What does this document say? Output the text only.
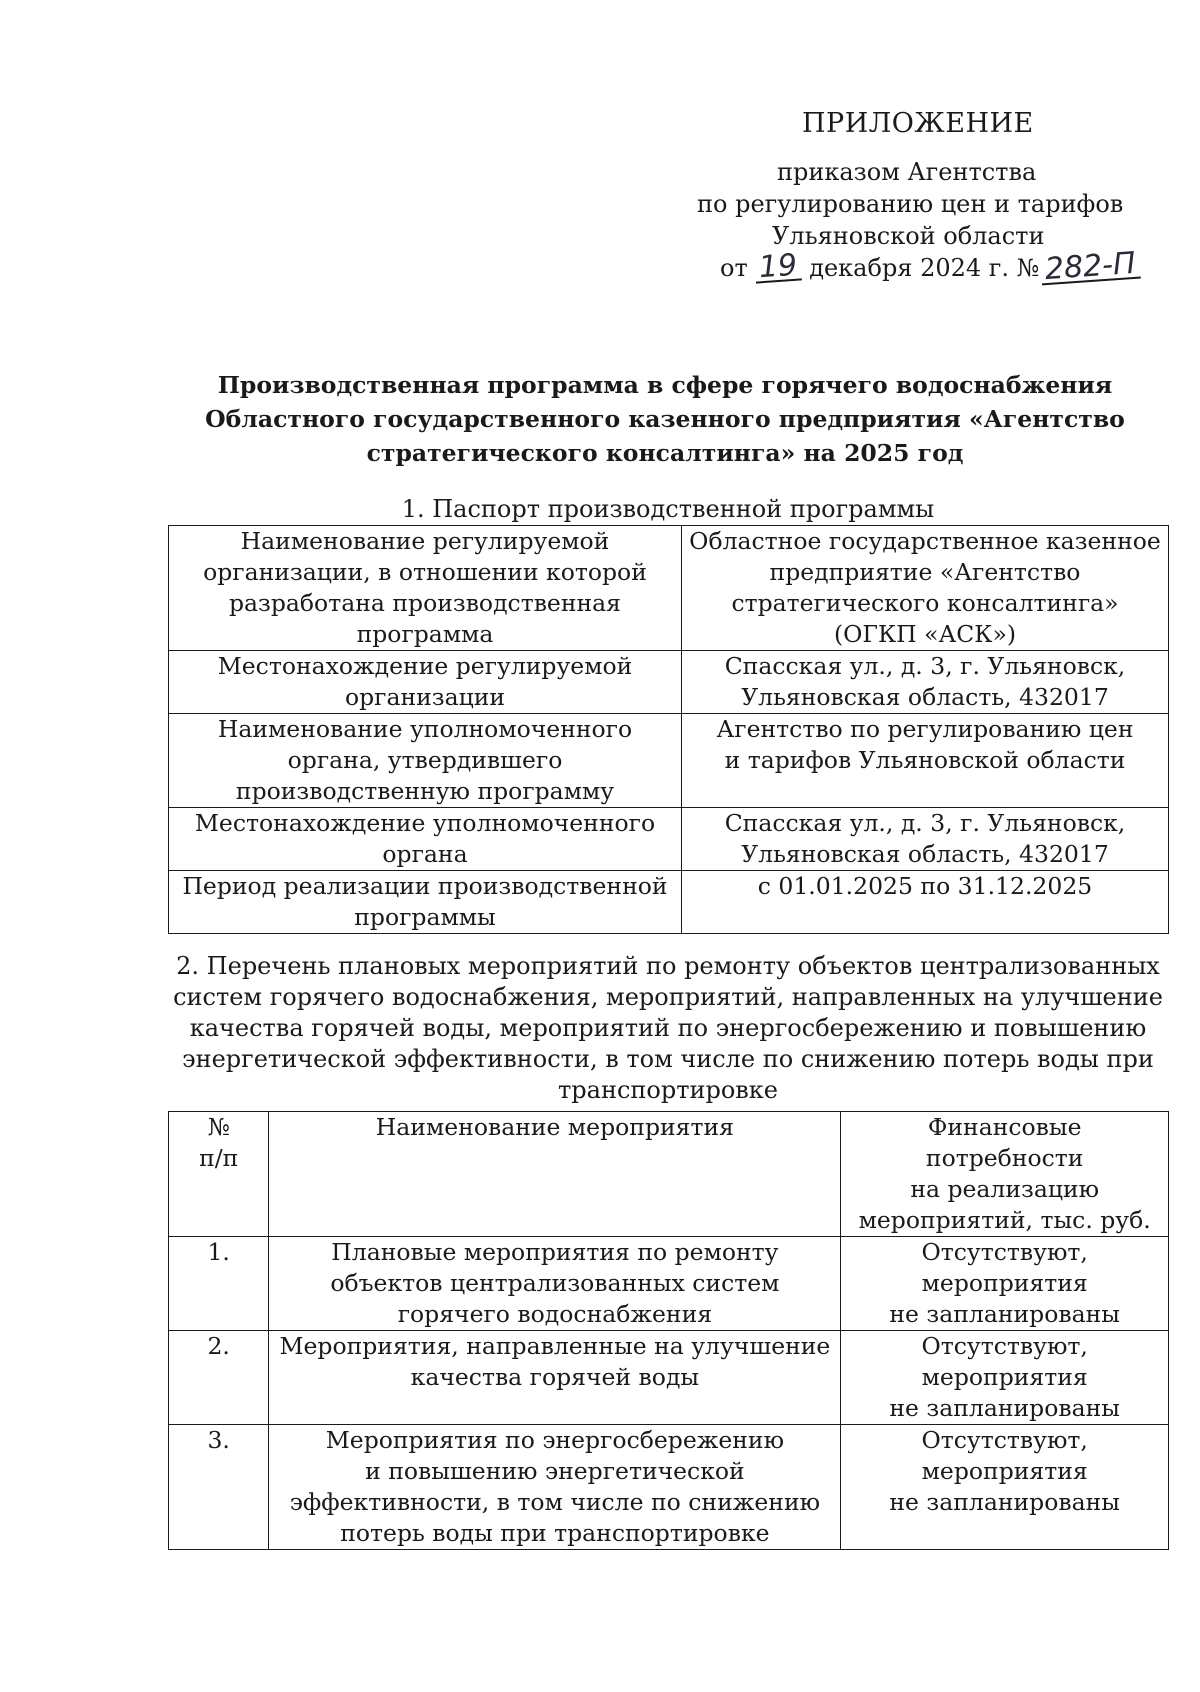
ПРИЛОЖЕНИЕ
приказом Агентства
по регулированию цен и тарифов
Ульяновской области
от 19 декабря 2024 г. № 282-П
Производственная программа в сфере горячего водоснабжения
Областного государственного казенного предприятия «Агентство
стратегического консалтинга» на 2025 год
1. Паспорт производственной программы
Наименование регулируемой
организации, в отношении которой
разработана производственная
программа	Областное государственное казенное
предприятие «Агентство
стратегического консалтинга»
(ОГКП «АСК»)

Местонахождение регулируемой
организации	Спасская ул., д. 3, г. Ульяновск,
Ульяновская область, 432017

Наименование уполномоченного
органа, утвердившего
производственную программу	Агентство по регулированию цен
и тарифов Ульяновской области

Местонахождение уполномоченного
органа	Спасская ул., д. 3, г. Ульяновск,
Ульяновская область, 432017

Период реализации производственной
программы	с 01.01.2025 по 31.12.2025
2. Перечень плановых мероприятий по ремонту объектов централизованных
систем горячего водоснабжения, мероприятий, направленных на улучшение
качества горячей воды, мероприятий по энергосбережению и повышению
энергетической эффективности, в том числе по снижению потерь воды при
транспортировке
№
п/п	Наименование мероприятия	Финансовые
потребности
на реализацию
мероприятий, тыс. руб.

1.	Плановые мероприятия по ремонту
объектов централизованных систем
горячего водоснабжения	Отсутствуют,
мероприятия
не запланированы

2.	Мероприятия, направленные на улучшение
качества горячей воды	Отсутствуют,
мероприятия
не запланированы

3.	Мероприятия по энергосбережению
и повышению энергетической
эффективности, в том числе по снижению
потерь воды при транспортировке	Отсутствуют,
мероприятия
не запланированы
